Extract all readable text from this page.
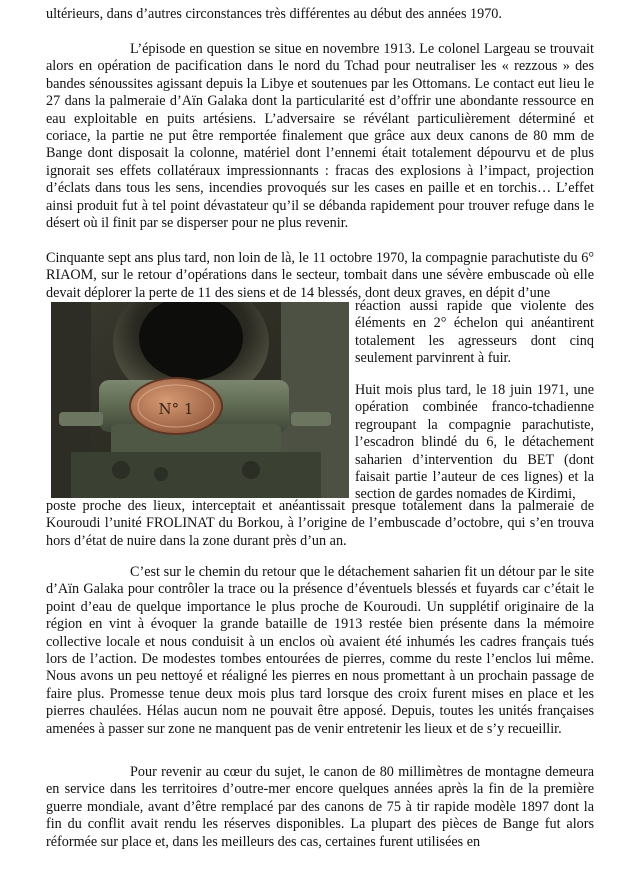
ultérieurs, dans d’autres circonstances très différentes au début des années 1970.

L’épisode en question se situe en novembre 1913. Le colonel Largeau se trouvait alors en opération de pacification dans le nord du Tchad pour neutraliser les « rezzous » des bandes sénoussites agissant depuis la Libye et soutenues par les Ottomans. Le contact eut lieu le 27 dans la palmeraie d’Aïn Galaka dont la particularité est d’offrir une abondante ressource en eau exploitable en puits artésiens. L’adversaire se révélant particulièrement déterminé et coriace, la partie ne put être remportée finalement que grâce aux deux canons de 80 mm de Bange dont disposait la colonne, matériel dont l’ennemi était totalement dépourvu et de plus ignorait ses effets collatéraux impressionnants : fracas des explosions à l’impact, projection d’éclats dans tous les sens, incendies provoqués sur les cases en paille et en torchis… L’effet ainsi produit fut à tel point dévastateur qu’il se débanda rapidement pour trouver refuge dans le désert où il finit par se disperser pour ne plus revenir.

Cinquante sept ans plus tard, non loin de là, le 11 octobre 1970, la compagnie parachutiste du 6° RIAOM, sur le retour d’opérations dans le secteur, tombait dans une sévère embuscade où elle devait déplorer la perte de 11 des siens et de 14 blessés, dont deux graves, en dépit d’une

N° 1

réaction aussi rapide que violente des éléments en 2° échelon qui anéantirent totalement les agresseurs dont cinq seulement parvinrent à fuir.

Huit mois plus tard, le 18 juin 1971, une opération combinée franco-tchadienne regroupant la compagnie parachutiste, l’escadron blindé du 6, le détachement saharien d’intervention du BET (dont faisait partie l’auteur de ces lignes) et la section de gardes nomades de Kirdimi,

poste proche des lieux, interceptait et anéantissait presque totalement dans la palmeraie de Kouroudi l’unité FROLINAT du Borkou, à l’origine de l’embuscade d’octobre, qui s’en trouva hors d’état de nuire dans la zone durant près d’un an.

C’est sur le chemin du retour que le détachement saharien fit un détour par le site d’Aïn Galaka pour contrôler la trace ou la présence d’éventuels blessés et fuyards car c’était le point d’eau de quelque importance le plus proche de Kouroudi. Un supplétif originaire de la région en vint à évoquer la grande bataille de 1913 restée bien présente dans la mémoire collective locale et nous conduisit à un enclos où avaient été inhumés les cadres français tués lors de l’action. De modestes tombes entourées de pierres, comme du reste l’enclos lui même. Nous avons un peu nettoyé et réaligné les pierres en nous promettant à un prochain passage de faire plus. Promesse tenue deux mois plus tard lorsque des croix furent mises en place et les pierres chaulées. Hélas aucun nom ne pouvait être apposé. Depuis, toutes les unités françaises amenées à passer sur zone ne manquent pas de venir entretenir les lieux et de s’y recueillir.

Pour revenir au cœur du sujet, le canon de 80 millimètres de montagne demeura en service dans les territoires d’outre-mer encore quelques années après la fin de la première guerre mondiale, avant d’être remplacé par des canons de 75 à tir rapide modèle 1897 dont la fin du conflit avait rendu les réserves disponibles. La plupart des pièces de Bange fut alors réformée sur place et, dans les meilleurs des cas, certaines furent utilisées en
